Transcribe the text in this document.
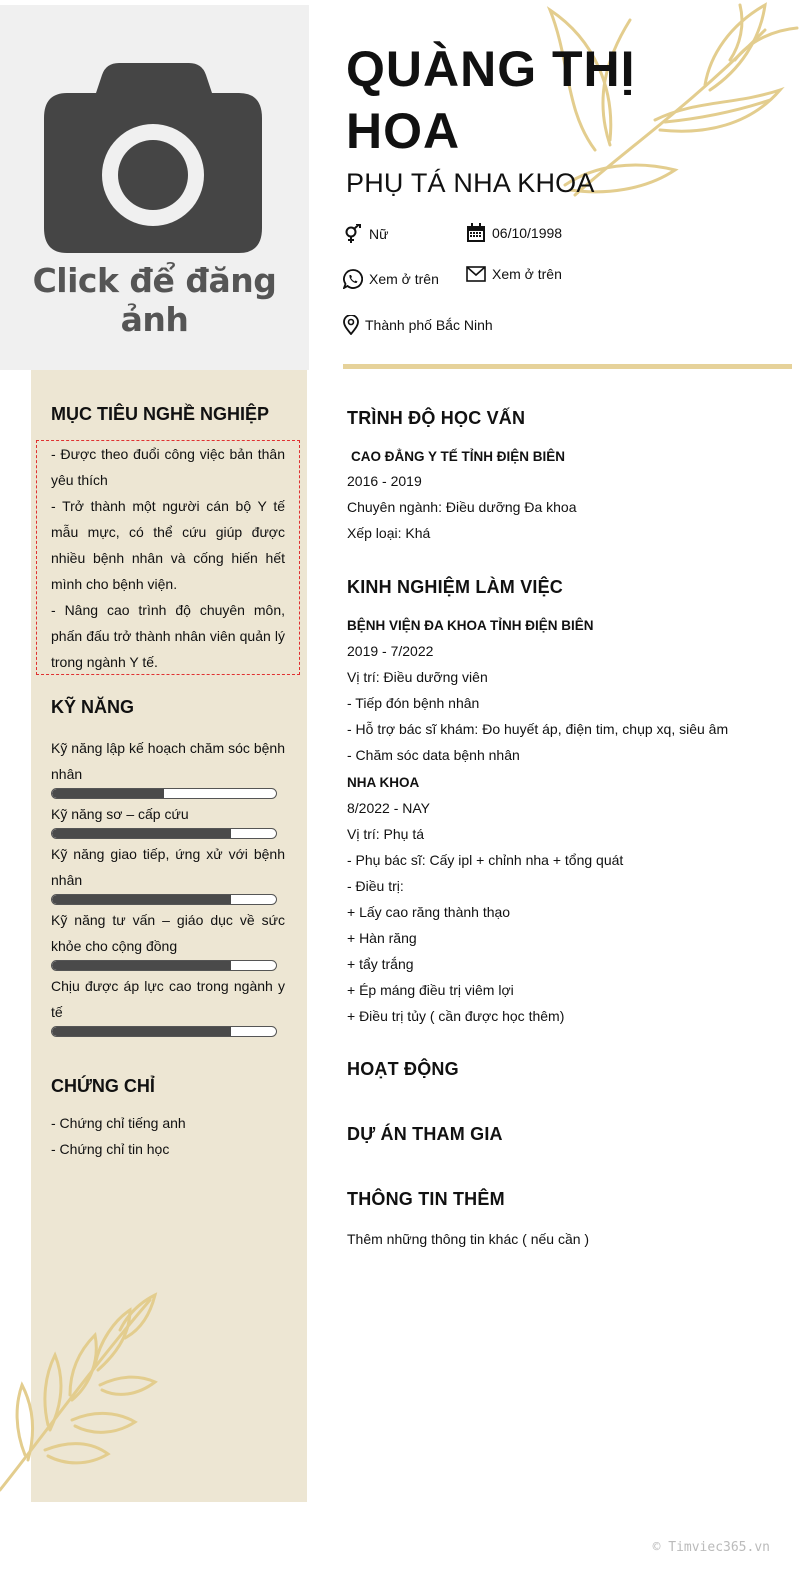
Click để đăng ảnh
QUÀNG THỊ HOA
PHỤ TÁ NHA KHOA
Nữ	06/10/1998
Xem ở trên	Xem ở trên
Thành phố Bắc Ninh
MỤC TIÊU NGHỀ NGHIỆP

- Được theo đuổi công việc bản thân yêu thích

- Trở thành một người cán bộ Y tế mẫu mực, có thể cứu giúp được nhiều bệnh nhân và cống hiến hết mình cho bệnh viện.

- Nâng cao trình độ chuyên môn, phấn đấu trở thành nhân viên quản lý trong ngành Y tế.

KỸ NĂNG
Kỹ năng lập kế hoạch chăm sóc bệnh nhân
Kỹ năng sơ – cấp cứu
Kỹ năng giao tiếp, ứng xử với bệnh nhân
Kỹ năng tư vấn – giáo dục về sức khỏe cho cộng đồng
Chịu được áp lực cao trong ngành y tế
CHỨNG CHỈ
- Chứng chỉ tiếng anh
- Chứng chỉ tin học
TRÌNH ĐỘ HỌC VẤN
CAO ĐẲNG Y TẾ TỈNH ĐIỆN BIÊN
2016 - 2019
Chuyên ngành: Điều dưỡng Đa khoa
Xếp loại: Khá
KINH NGHIỆM LÀM VIỆC
BỆNH VIỆN ĐA KHOA TỈNH ĐIỆN BIÊN
2019 - 7/2022
Vị trí: Điều dưỡng viên
- Tiếp đón bệnh nhân
- Hỗ trợ bác sĩ khám: Đo huyết áp, điện tim, chụp xq, siêu âm
- Chăm sóc data bệnh nhân
NHA KHOA
8/2022 - NAY
Vị trí: Phụ tá
- Phụ bác sĩ: Cấy ipl + chỉnh nha + tổng quát
- Điều trị:
+ Lấy cao răng thành thạo
+ Hàn răng
+ tẩy trắng
+ Ép máng điều trị viêm lợi
+ Điều trị tủy ( cần được học thêm)
HOẠT ĐỘNG
DỰ ÁN THAM GIA
THÔNG TIN THÊM
Thêm những thông tin khác ( nếu cần )
© Timviec365.vn
